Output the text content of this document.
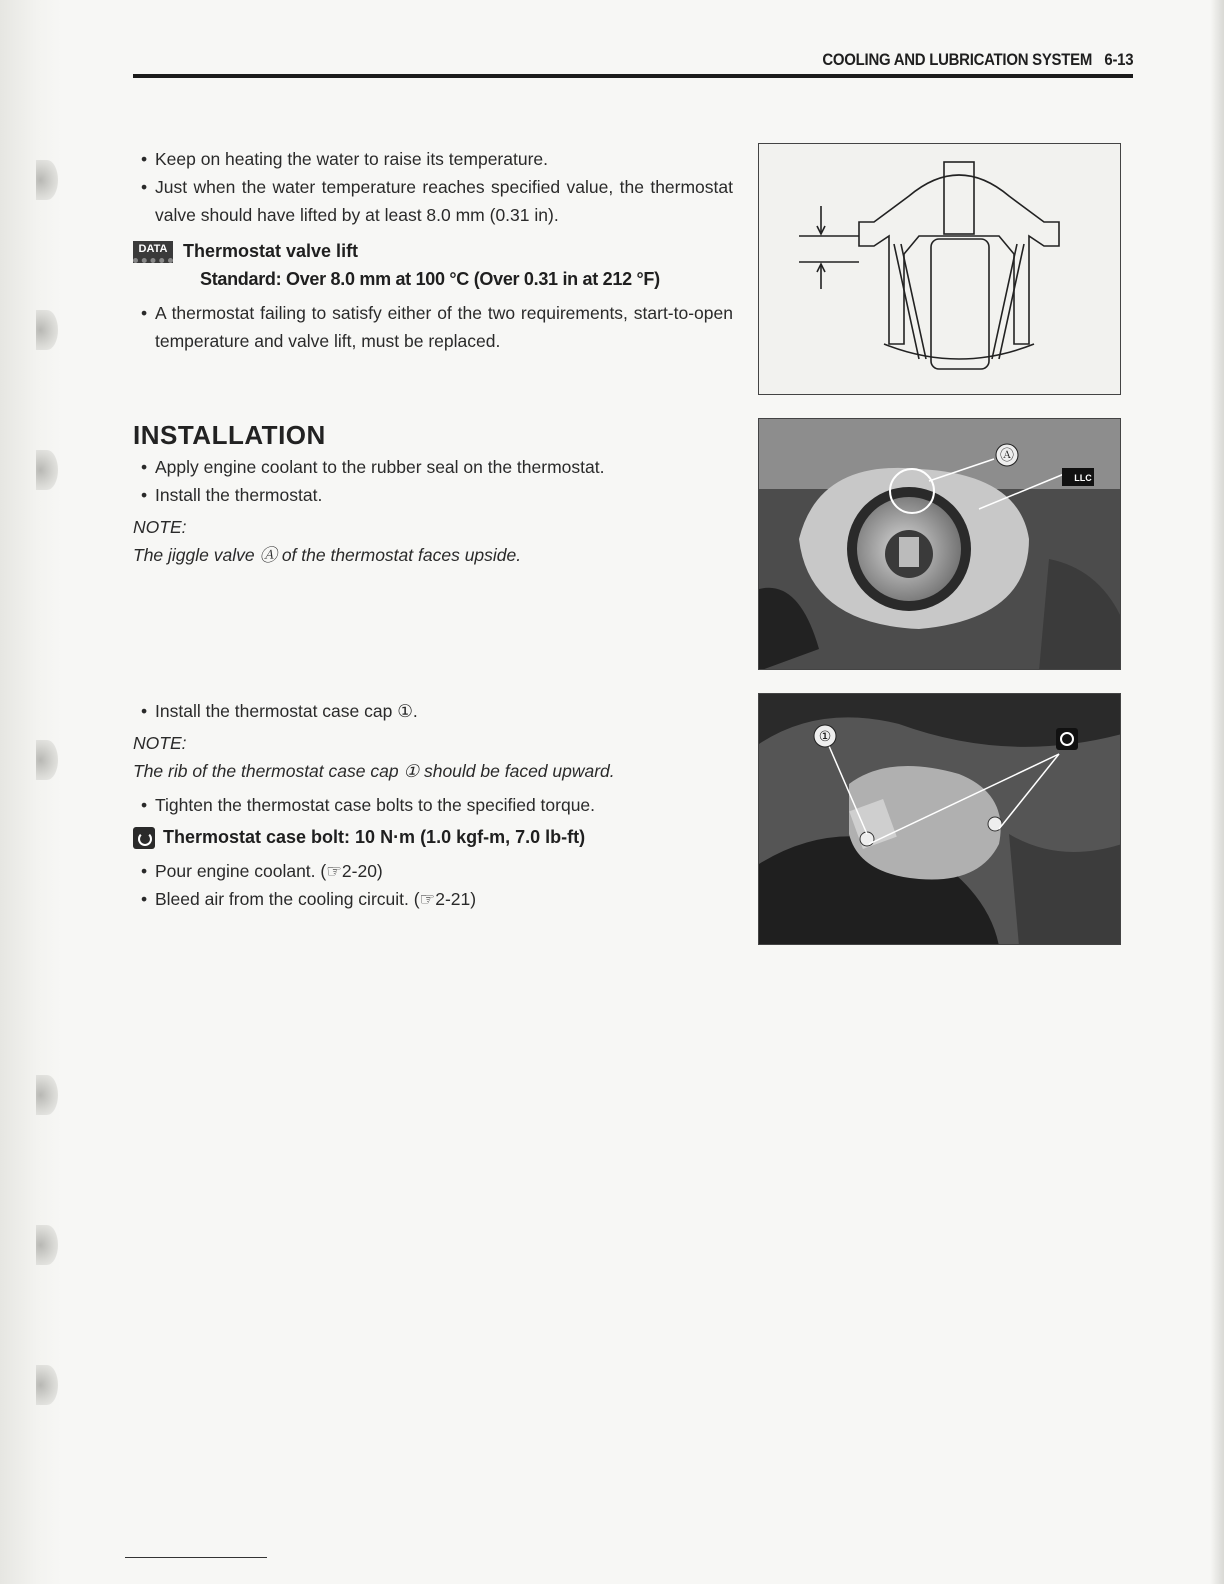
COOLING AND LUBRICATION SYSTEM 6-13
• Keep on heating the water to raise its temperature.
• Just when the water temperature reaches specified value, the thermostat valve should have lifted by at least 8.0 mm (0.31 in).
DATA Thermostat valve lift
Standard: Over 8.0 mm at 100 °C (Over 0.31 in at 212 °F)
• A thermostat failing to satisfy either of the two requirements, start-to-open temperature and valve lift, must be replaced.
INSTALLATION
• Apply engine coolant to the rubber seal on the thermostat.
• Install the thermostat.
NOTE:
The jiggle valve Ⓐ of the thermostat faces upside.
• Install the thermostat case cap ①.
NOTE:
The rib of the thermostat case cap ① should be faced upward.
• Tighten the thermostat case bolts to the specified torque.
Thermostat case bolt: 10 N·m (1.0 kgf-m, 7.0 lb-ft)
• Pour engine coolant. (☞2-20)
• Bleed air from the cooling circuit. (☞2-21)
Ⓐ
LLC
①
